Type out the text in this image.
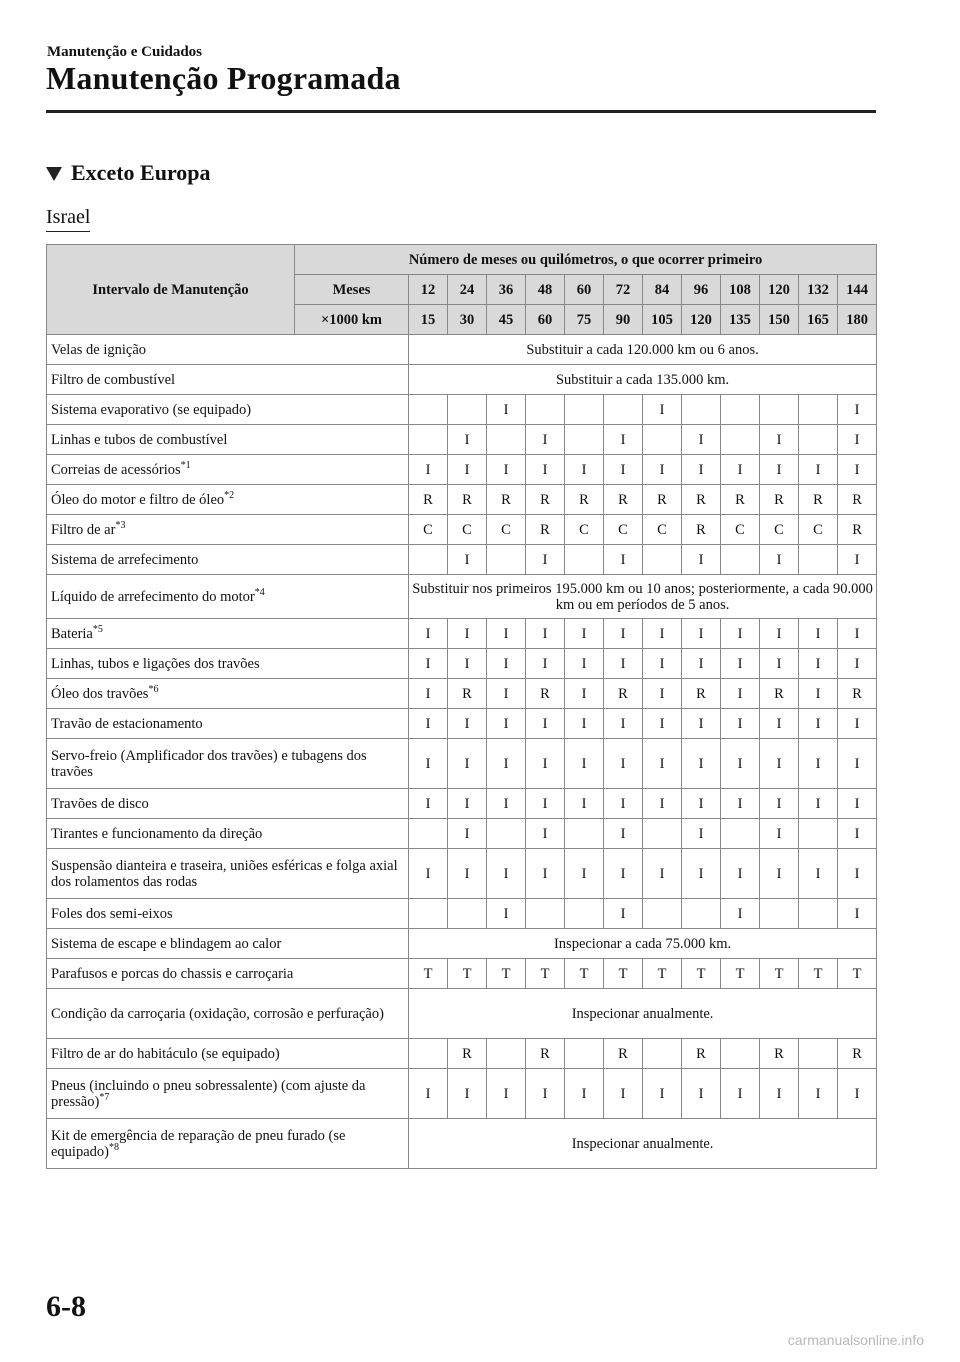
Manutenção e Cuidados
Manutenção Programada
Exceto Europa
Israel
Intervalo de Manutenção	Número de meses ou quilómetros, o que ocorrer primeiro												
	Meses	12	24	36	48	60	72	84	96	108	120	132	144
	×1000 km	15	30	45	60	75	90	105	120	135	150	165	180
Velas de ignição		Substituir a cada 120.000 km ou 6 anos.											
Filtro de combustível		Substituir a cada 135.000 km.											
Sistema evaporativo (se equipado)				I				I					I
Linhas e tubos de combustível			I		I		I		I		I		I
Correias de acessórios$^{*1}$		I	I	I	I	I	I	I	I	I	I	I	I
Óleo do motor e filtro de óleo$^{*2}$		R	R	R	R	R	R	R	R	R	R	R	R
Filtro de $ar^{*3}$		C	C	C	R	C	C	C	R	C	C	C	R
Sistema de arrefecimento			I		I		I		I		I		I
Líquido de arrefecimento do motor$^{*4}$		Substituir nos primeiros 195.000 km ou 10 anos; posteriormente, a cada 90.000 km ou em períodos de 5 anos.											
Bateria$^{*5}$		I	I	I	I	I	I	I	I	I	I	I	I
Linhas, tubos e ligações dos travões		I	I	I	I	I	I	I	I	I	I	I	I
Óleo dos travões$^{*6}$		I	R	I	R	I	R	I	R	I	R	I	R
Travão de estacionamento		I	I	I	I	I	I	I	I	I	I	I	I
Servo-freio (Amplificador dos travões) e tubagens dos travões		I	I	I	I	I	I	I	I	I	I	I	I
Travões de disco		I	I	I	I	I	I	I	I	I	I	I	I
Tirantes e funcionamento da direção			I		I		I		I		I		I
Suspensão dianteira e traseira, uniões esféricas e folga axial dos rolamentos das rodas		I	I	I	I	I	I	I	I	I	I	I	I
Foles dos semi-eixos				I			I			I			I
Sistema de escape e blindagem ao calor		Inspecionar a cada 75.000 km.											
Parafusos e porcas do chassis e carroçaria		T	T	T	T	T	T	T	T	T	T	T	T
Condição da carroçaria (oxidação, corrosão e perfuração)		Inspecionar anualmente.											
Filtro de ar do habitáculo (se equipado)			R		R		R		R		R		R
Pneus (incluindo o pneu sobressalente) (com ajuste da pressão)$^{*7}$		I	I	I	I	I	I	I	I	I	I	I	I
Kit de emergência de reparação de pneu furado (se equipado)$^{*8}$		Inspecionar anualmente.											
6-8
carmanualsonline.info
